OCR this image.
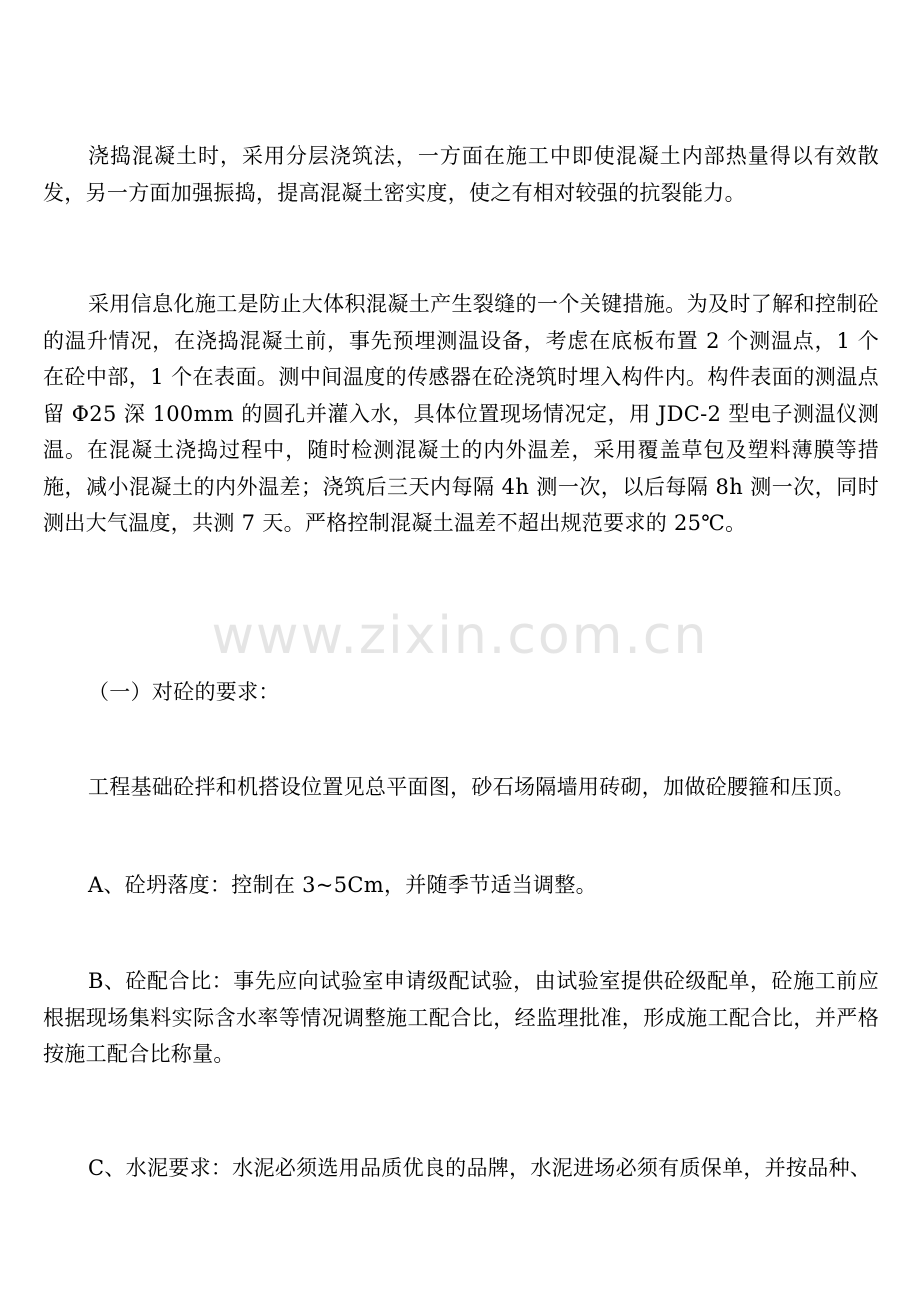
浇捣混凝土时，采用分层浇筑法，一方面在施工中即使混凝土内部热量得以有效散发，另一方面加强振捣，提高混凝土密实度，使之有相对较强的抗裂能力。

采用信息化施工是防止大体积混凝土产生裂缝的一个关键措施。为及时了解和控制砼的温升情况，在浇捣混凝土前，事先预埋测温设备，考虑在底板布置 2 个测温点，1 个在砼中部，1 个在表面。测中间温度的传感器在砼浇筑时埋入构件内。构件表面的测温点留 Φ25 深 100mm 的圆孔并灌入水，具体位置现场情况定，用 JDC-2 型电子测温仪测温。在混凝土浇捣过程中，随时检测混凝土的内外温差，采用覆盖草包及塑料薄膜等措施，减小混凝土的内外温差；浇筑后三天内每隔 4h 测一次，以后每隔 8h 测一次，同时测出大气温度，共测 7 天。严格控制混凝土温差不超出规范要求的 25℃。

（一）对砼的要求：

工程基础砼拌和机搭设位置见总平面图，砂石场隔墙用砖砌，加做砼腰箍和压顶。

A、砼坍落度：控制在 3~5Cm，并随季节适当调整。

B、砼配合比：事先应向试验室申请级配试验，由试验室提供砼级配单，砼施工前应根据现场集料实际含水率等情况调整施工配合比，经监理批准，形成施工配合比，并严格按施工配合比称量。

C、水泥要求：水泥必须选用品质优良的品牌，水泥进场必须有质保单，并按品种、

www.zixin.com.cn
